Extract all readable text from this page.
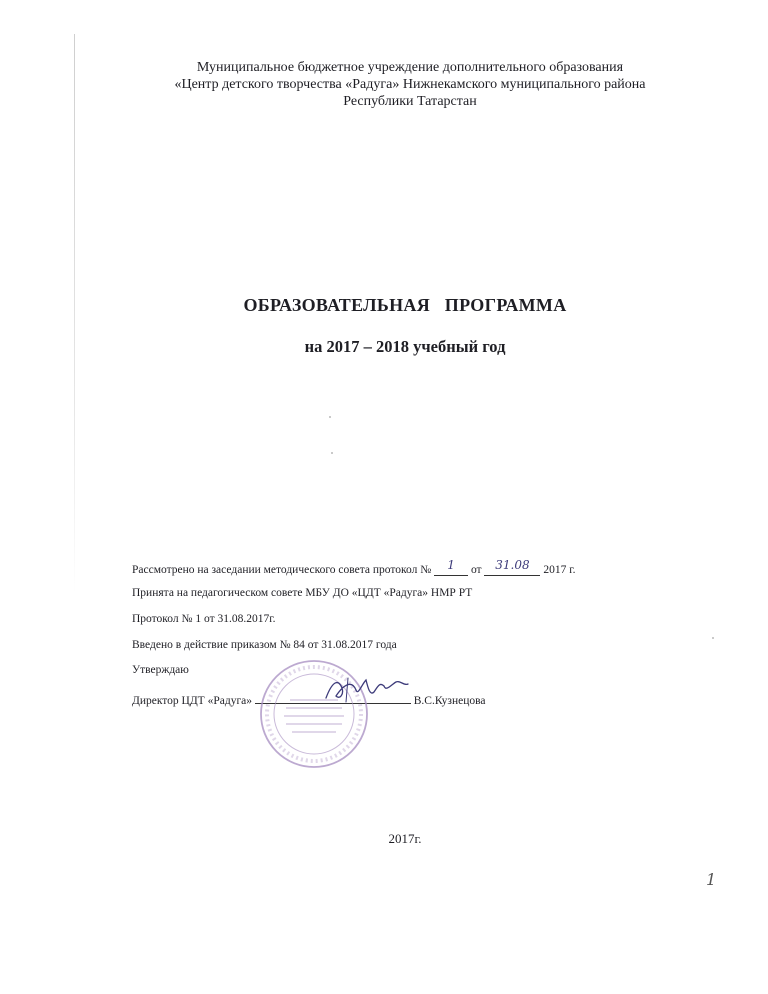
Муниципальное бюджетное учреждение дополнительного образования
«Центр детского творчества «Радуга» Нижнекамского муниципального района
Республики Татарстан
ОБРАЗОВАТЕЛЬНАЯ ПРОГРАММА
на 2017 – 2018 учебный год
Рассмотрено на заседании методического совета протокол № 1 от 31.08 2017 г.
Принята на педагогическом совете МБУ ДО «ЦДТ «Радуга» НМР РТ
Протокол № 1 от 31.08.2017г.
Введено в действие приказом № 84 от 31.08.2017 года
Утверждаю
Директор ЦДТ «Радуга»	В.С.Кузнецова
2017г.
1
